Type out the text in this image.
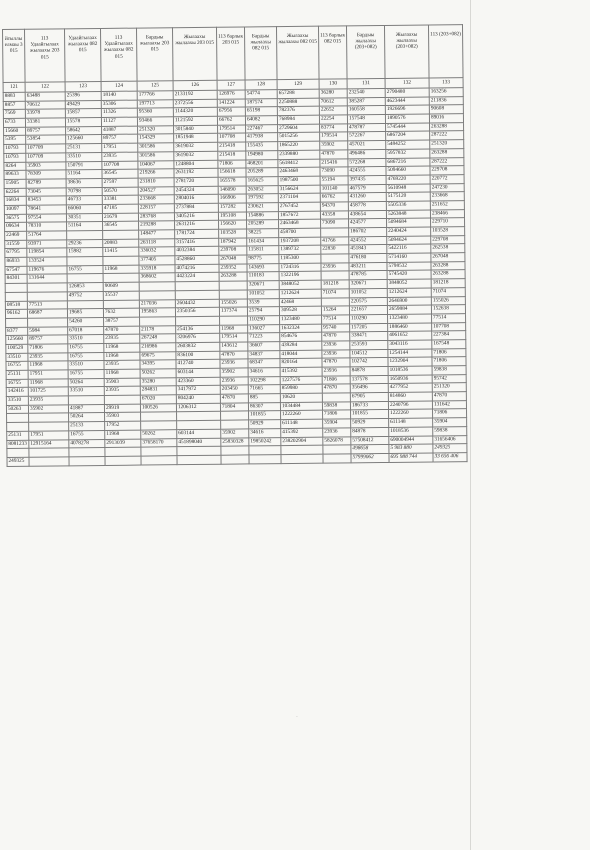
·
йтыллы елмаы 3 015	113 Удаайгылаах жылаахы 203 015	Удаайгылаах жылаахы 082 015	113 Удаайгылаах жылаахы 082 015	Бардыы жылаахы 203 015	Жылаахы жылаахы 203 015	113 барлык 203 015	Бардыы жылаахы 082 015	Жылаахы жылаахы 082 015	113 барлык 082 015	Бардыы жылаахы (203+082)	Жылаахы жылаахы (203+082)	113 (203+082)
121	122	123	124	125	126	127	128	129	130	131	132	133
8883	63488	25396	18140	177766	2133192	126976	54774	657288	36280	232540	2790480	163256
8857	70612	49429	35306	197713	2372556	141224	187574	2250888	70612	385287	4623444	211836
7569	33978	15857	11326	95360	1144320	67956	65198	782376	22652	160558	1926696	90608
6733	33381	15578	11127	93466	1121592	66762	64082	768984	22254	157548	1890576	89016
15660	89757	58642	41887	251320	3015840	179514	227467	2729604	83774	478787	5745444	263288
5395	53854	125660	89757	154329	1851948	107708	417938	5015256	179514	572267	6867204	287222
10793	107709	25131	17951	301586	3619032	215418	155435	1865220	35902	457021	5484252	251320
10793	107709	33510	23935	301586	3619032	215418	194980	2339880	47870	496486	5957832	263288
8264	35903	150791	107708	104067	1248804	71806	468201	5618412	215416	572268	6867216	287222
89633	78309	51164	36545	219266	2631192	156618	205289	2463468	73090	424555	5094660	229708
15905	82789	38636	27597	231810	2781720	165578	165625	1987500	55194	397435	4769220	220772
62264	73045	70798	50570	204527	2454324	146090	263052	3156624	101140	467579	5610948	247230
16834	83453	46733	33381	233668	2804016	166906	197592	2371104	66762	431260	5175120	233668
10097	78641	66060	47185	228157	2737884	157282	230621	2767452	94370	458778	5505336	251652
36575	97554	30351	21679	283768	3405216	195108	154886	1857672	43358	438654	5263848	238466
09634	78310	51164	36545	219288	2631216	156620	205289	2463468	73090	424577	5094684	229710
22469	51764			148477	1781724	103528	38225	458700		186702	2240424	103528
31559	93971	29236	20883	263118	3157416	187942	161434	1937208	41766	424552	5094624	229708
67795	119854	15982	11415	336032	4032384	239708	115811	1389732	22830	451843	5422116	262538
86933	133524			377405	4528860	267048	98775	1185300		476180	5714160	267048
67547	119676	16755	11968	335918	4074216	239352	143693	1724316	23936	483211	5798532	263288
84301	131644			368602	4423224	263288	110183	1322196		478785	5745420	263288
		126853	90609				320671	3848052	181218	320671	3848052	181218
		49752	35537				101052	1212624	71074	101052	1212624	71074
08518	77513			217036	2604432	155026	3539	42468		220575	2646900	155026
96162	68687	19685	7632	195863	2350356	137374	25794	309528	15264	221657	2659884	152638
		54260	38757				110290	1323480	77514	110290	1323480	77514
8377	5984	67018	47870	21178	254136	11968	136027	1632324	95740	157205	1886460	107708
125660	89757	33510	23935	267248	3206976	179514	71223	854676	47870	338471	4061652	227384
100529	71806	16755	11968	216986	2603832	143612	36607	439284	23936	253593	3043116	167548
33510	23935	16755	11968	69675	836100	47870	34837	418044	23936	104512	1254144	71806
16755	11968	33510	23935	34395	412740	23936	68347	820164	47870	102742	1232904	71806
25131	17951	16755	11968	50262	603144	35902	34616	415392	23936	84878	1018536	59838
16755	11968	50264	35903	35280	423360	23936	102298	1227576	71806	137578	1650936	95742
142416	101725	33510	23935	284831	3417972	203450	71665	859980	47870	356496	4277952	251320
33510	23935			67020	804240	47870	885	10620		67905	814860	47870
50263	35902	41887	29919	100526	1206312	71804	86307	1034484	59838	186733	2240796	131642
		50264	35903				101855	1222260	71806	101855	1222260	71806
		25133	17952				50929	611148	35904	50929	611148	35904
25131	17951	16755	11968	50262	603144	35902	34616	415392	23936	84878	1018536	59838
8081233	12915164	4078278	2913039	37658170	451898040	25830328	19850242	238202904	5826078	57508412	690004944	31656406
										498658	5 983 880	249325
249325										57999062	695 988 744	33 656 406
